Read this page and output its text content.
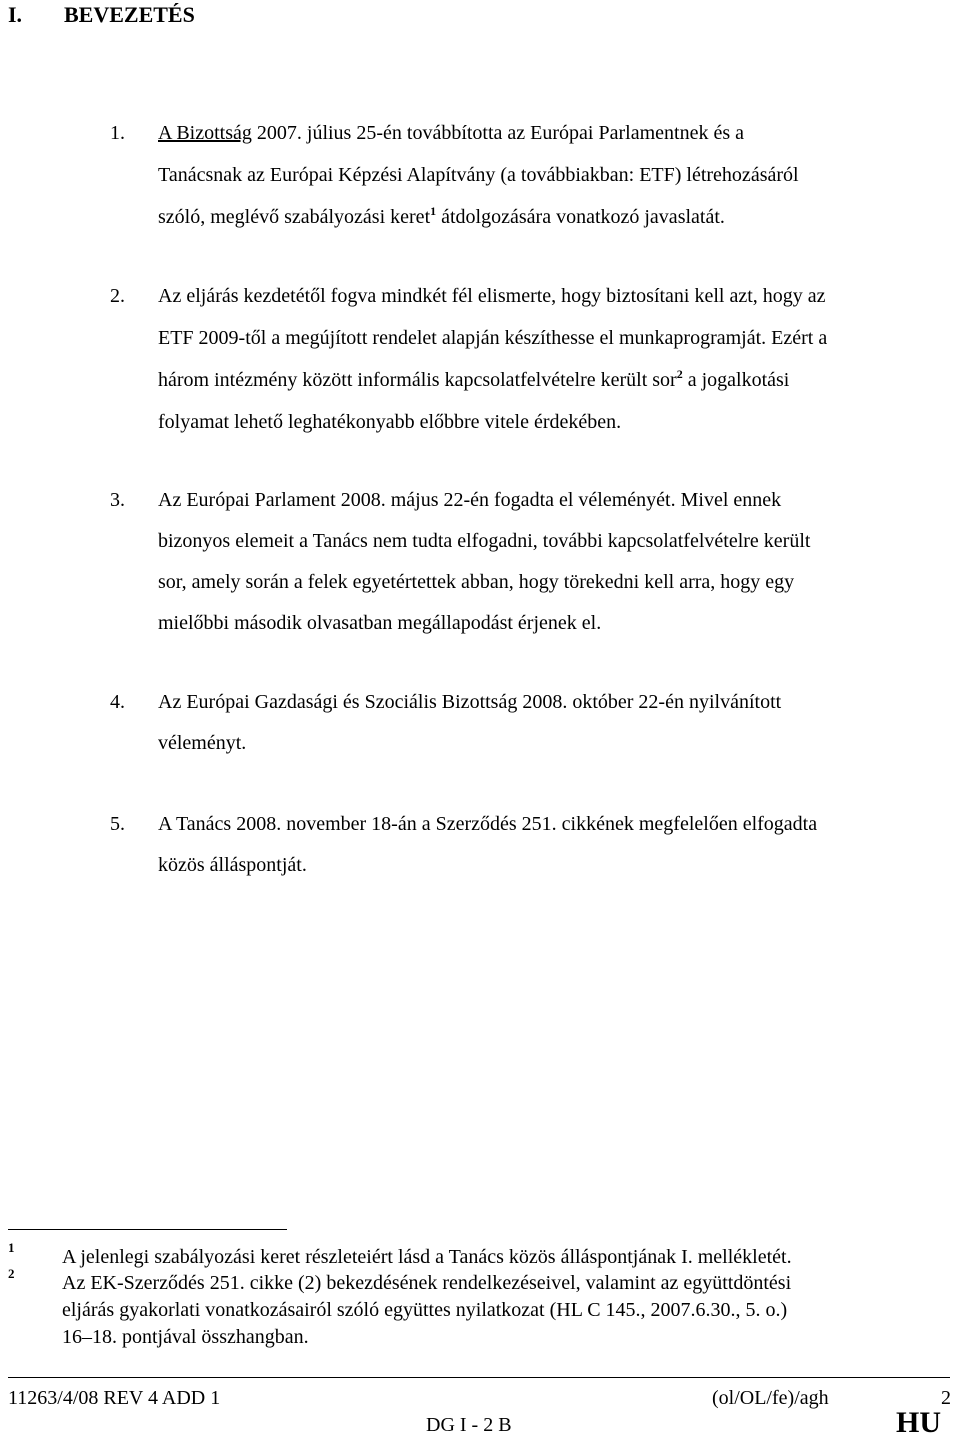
I. BEVEZETÉS
1. A Bizottság 2007. július 25-én továbbította az Európai Parlamentnek és a
Tanácsnak az Európai Képzési Alapítvány (a továbbiakban: ETF) létrehozásáról
szóló, meglévő szabályozási keret$^1$ átdolgozására vonatkozó javaslatát.
2. Az eljárás kezdetétől fogva mindkét fél elismerte, hogy biztosítani kell azt, hogy az
ETF 2009-től a megújított rendelet alapján készíthesse el munkaprogramját. Ezért a
három intézmény között informális kapcsolatfelvételre került sor$^2$ a jogalkotási
folyamat lehető leghatékonyabb előbbre vitele érdekében.
3. Az Európai Parlament 2008. május 22-én fogadta el véleményét. Mivel ennek
bizonyos elemeit a Tanács nem tudta elfogadni, további kapcsolatfelvételre került
sor, amely során a felek egyetértettek abban, hogy törekedni kell arra, hogy egy
mielőbbi második olvasatban megállapodást érjenek el.
4. Az Európai Gazdasági és Szociális Bizottság 2008. október 22-én nyilvánított
véleményt.
5. A Tanács 2008. november 18-án a Szerződés 251. cikkének megfelelően elfogadta
közös álláspontját.
1
2
A jelenlegi szabályozási keret részleteiért lásd a Tanács közös álláspontjának I. mellékletét.
Az EK-Szerződés 251. cikke (2) bekezdésének rendelkezéseivel, valamint az együttdöntési
eljárás gyakorlati vonatkozásairól szóló együttes nyilatkozat (HL C 145., 2007.6.30., 5. o.)
16–18. pontjával összhangban.
11263/4/08 REV 4 ADD 1	(ol/OL/fe)/agh	2
DG I - 2 B	HU
